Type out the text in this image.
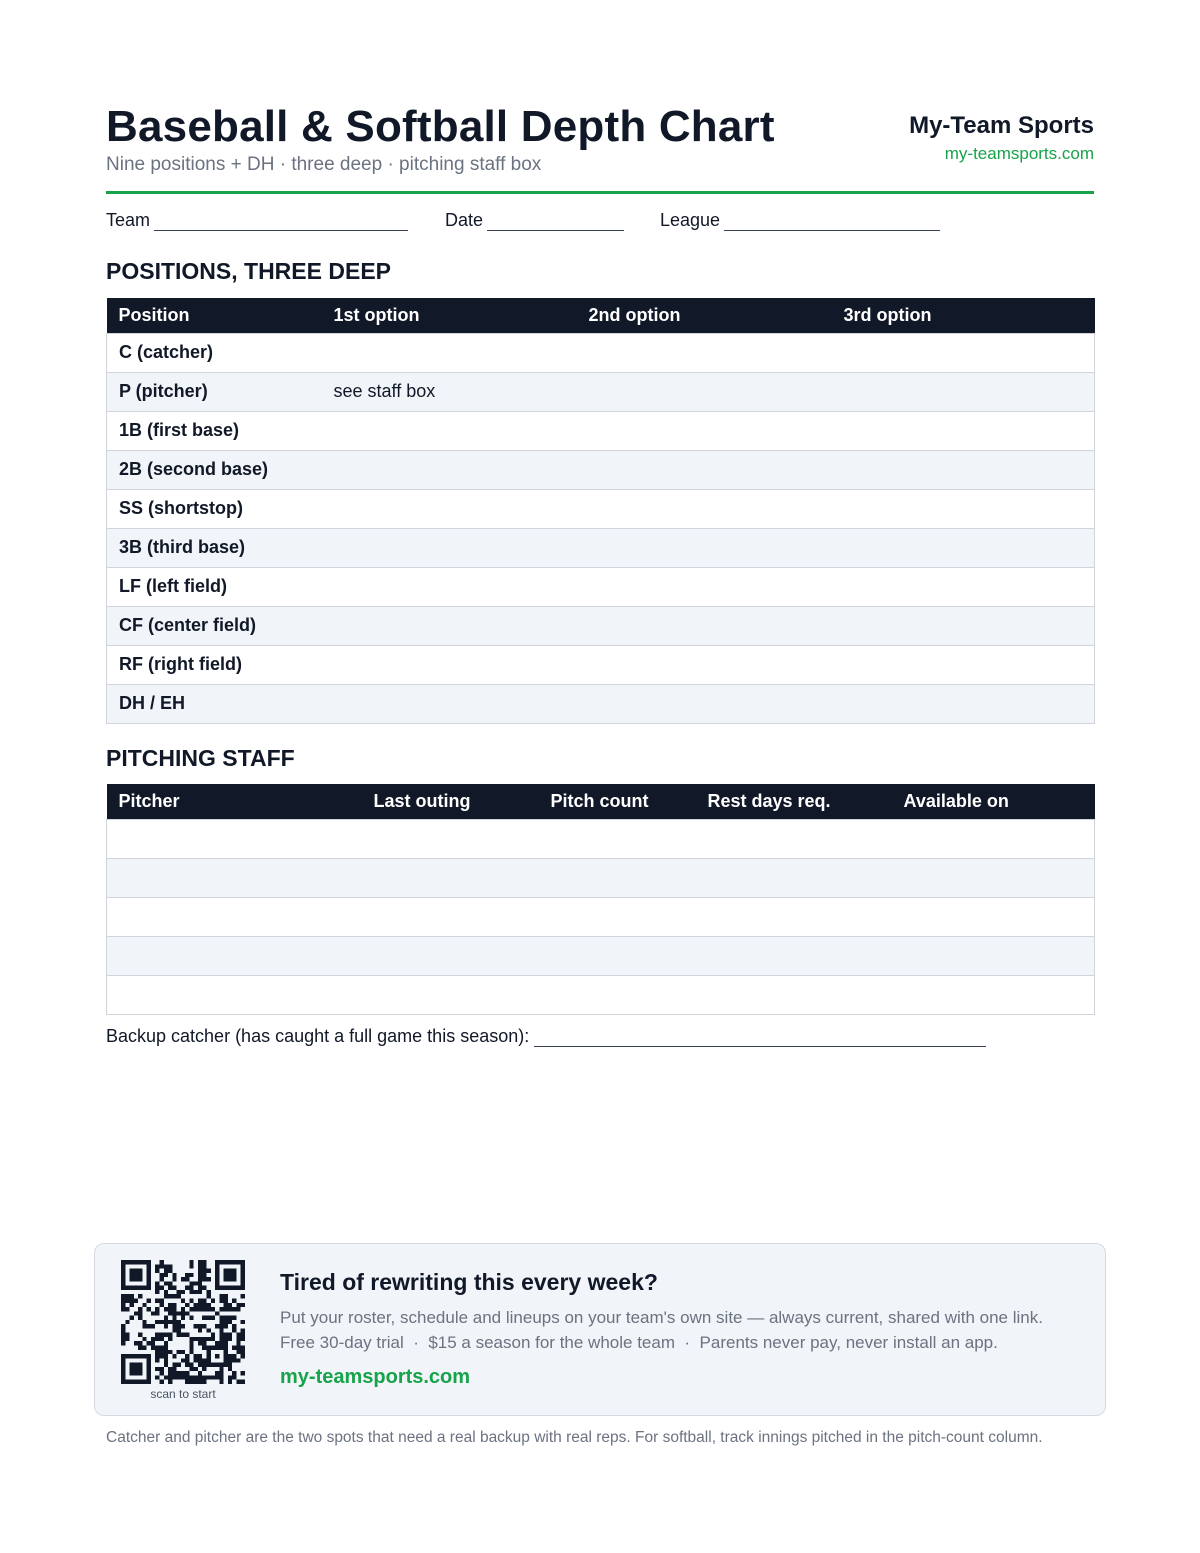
Baseball & Softball Depth Chart
Nine positions + DH · three deep · pitching staff box
My-Team Sports
my-teamsports.com
Team	Date	League
POSITIONS, THREE DEEP
Position	1st option	2nd option	3rd option
C (catcher)			
P (pitcher)	see staff box		
1B (first base)			
2B (second base)			
SS (shortstop)			
3B (third base)			
LF (left field)			
CF (center field)			
RF (right field)			
DH / EH			
PITCHING STAFF
Pitcher	Last outing	Pitch count	Rest days req.	Available on

Backup catcher (has caught a full game this season):
scan to start
Tired of rewriting this every week?
Put your roster, schedule and lineups on your team's own site — always current, shared with one link.
Free 30-day trial  ·  $15 a season for the whole team  ·  Parents never pay, never install an app.
my-teamsports.com
Catcher and pitcher are the two spots that need a real backup with real reps. For softball, track innings pitched in the pitch-count column.
